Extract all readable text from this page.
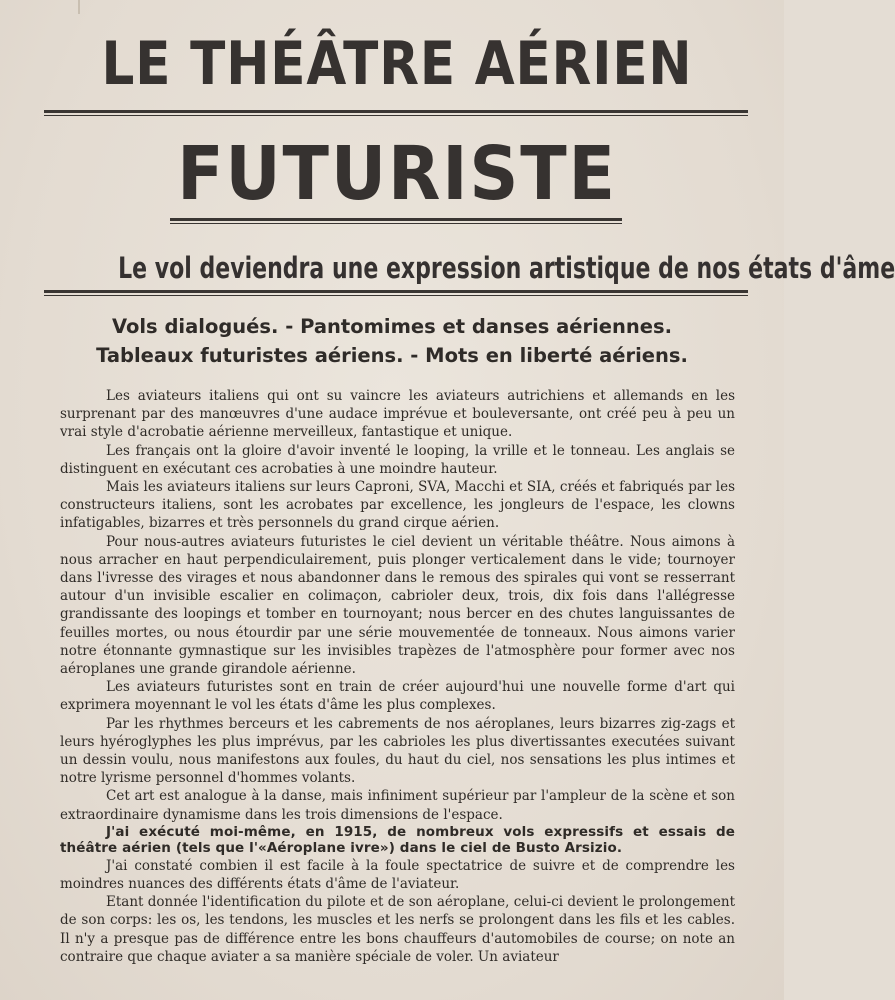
LE THÉÂTRE AÉRIEN
FUTURISTE
Le vol deviendra une expression artistique de nos états d'âme
Vols dialogués. - Pantomimes et danses aériennes.
Tableaux futuristes aériens. - Mots en liberté aériens.

Les aviateurs italiens qui ont su vaincre les aviateurs autrichiens et allemands en les surprenant par des manœuvres d'une audace imprévue et bouleversante, ont créé peu à peu un vrai style d'acrobatie aérienne merveilleux, fantastique et unique.

Les français ont la gloire d'avoir inventé le looping, la vrille et le tonneau. Les anglais se distinguent en exécutant ces acrobaties à une moindre hauteur.

Mais les aviateurs italiens sur leurs Caproni, SVA, Macchi et SIA, créés et fabriqués par les constructeurs italiens, sont les acrobates par excellence, les jongleurs de l'espace, les clowns infatigables, bizarres et très personnels du grand cirque aérien.

Pour nous-autres aviateurs futuristes le ciel devient un véritable théâtre. Nous aimons à nous arracher en haut perpendiculairement, puis plonger verticalement dans le vide; tournoyer dans l'ivresse des virages et nous abandonner dans le remous des spirales qui vont se resserrant autour d'un invisible escalier en colimaçon, cabrioler deux, trois, dix fois dans l'allégresse grandissante des loopings et tomber en tournoyant; nous bercer en des chutes languissantes de feuilles mortes, ou nous étourdir par une série mouvementée de tonneaux. Nous aimons varier notre étonnante gymnastique sur les invisibles trapèzes de l'atmosphère pour former avec nos aéroplanes une grande girandole aérienne.

Les aviateurs futuristes sont en train de créer aujourd'hui une nouvelle forme d'art qui exprimera moyennant le vol les états d'âme les plus complexes.

Par les rhythmes berceurs et les cabrements de nos aéroplanes, leurs bizarres zig-zags et leurs hyéroglyphes les plus imprévus, par les cabrioles les plus divertissantes executées suivant un dessin voulu, nous manifestons aux foules, du haut du ciel, nos sensations les plus intimes et notre lyrisme personnel d'hommes volants.

Cet art est analogue à la danse, mais infiniment supérieur par l'ampleur de la scène et son extraordinaire dynamisme dans les trois dimensions de l'espace.

J'ai exécuté moi-même, en 1915, de nombreux vols expressifs et essais de théâtre aérien (tels que l'«Aéroplane ivre») dans le ciel de Busto Arsizio.

J'ai constaté combien il est facile à la foule spectatrice de suivre et de comprendre les moindres nuances des différents états d'âme de l'aviateur.

Etant donnée l'identification du pilote et de son aéroplane, celui-ci devient le prolongement de son corps: les os, les tendons, les muscles et les nerfs se prolongent dans les fils et les cables. Il n'y a presque pas de différence entre les bons chauffeurs d'automobiles de course; on note an contraire que chaque aviater a sa manière spéciale de voler. Un aviateur
